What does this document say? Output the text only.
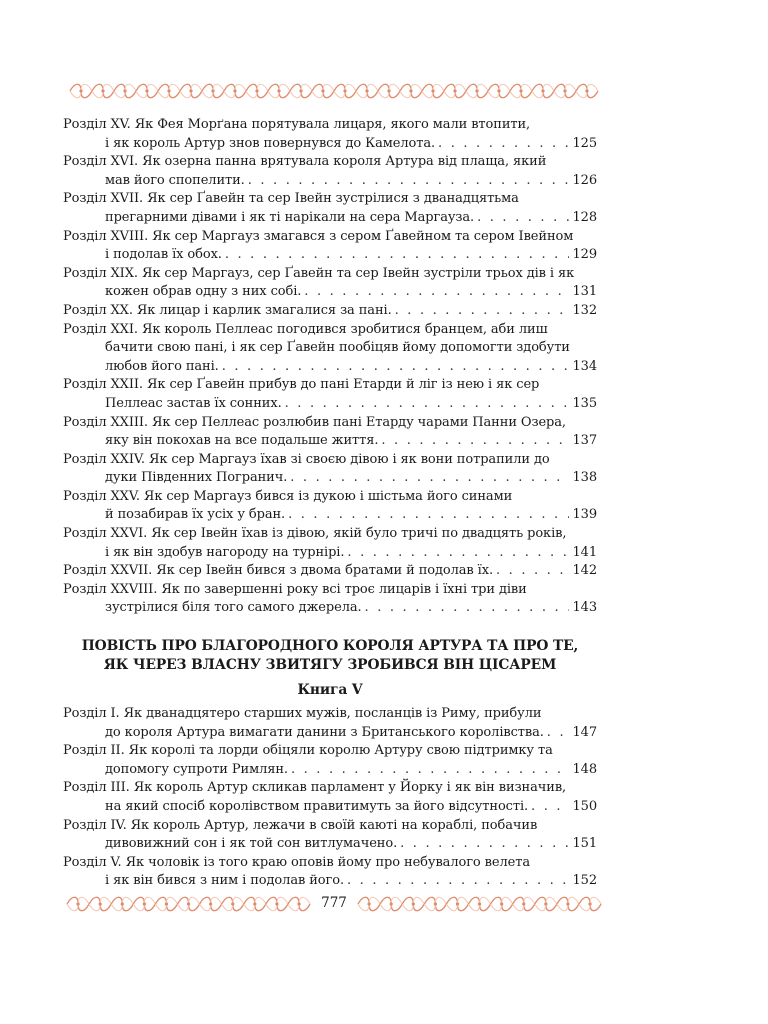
Розділ XV. Як Фея Морґана порятувала лицаря, якого мали втопити,
і як король Артур знов повернувся до Камелота. . . .	125
Розділ XVI. Як озерна панна врятувала короля Артура від плаща, який
мав його спопелити. . . .	126
Розділ XVII. Як сер Ґавейн та сер Івейн зустрілися з дванадцятьма
прегарними дівами і як ті нарікали на сера Маргауза. . . .	128
Розділ XVIII. Як сер Маргауз змагався з сером Ґавейном та сером Івейном
і подолав їх обох. . . .	129
Розділ XIX. Як сер Маргауз, сер Ґавейн та сер Івейн зустріли трьох дів і як
кожен обрав одну з них собі. . . .	131
Розділ XX. Як лицар і карлик змагалися за пані. . . .	132
Розділ XXI. Як король Пеллеас погодився зробитися бранцем, аби лиш
бачити свою пані, і як сер Ґавейн пообіцяв йому допомогти здобути
любов його пані. . . .	134
Розділ XXII. Як сер Ґавейн прибув до пані Етарди й ліг із нею і як сер
Пеллеас застав їх сонних. . . .	135
Розділ XXIII. Як сер Пеллеас розлюбив пані Етарду чарами Панни Озера,
яку він покохав на все подальше життя. . . .	137
Розділ XXIV. Як сер Маргауз їхав зі своєю дівою і як вони потрапили до
дуки Південних Погранич. . . .	138
Розділ XXV. Як сер Маргауз бився із дукою і шістьма його синами
й позабирав їх усіх у бран. . . .	139
Розділ XXVI. Як сер Івейн їхав із дівою, якій було тричі по двадцять років,
і як він здобув нагороду на турнірі. . . .	141
Розділ XXVII. Як сер Івейн бився з двома братами й подолав їх. . . .	142
Розділ XXVIII. Як по завершенні року всі троє лицарів і їхні три діви
зустрілися біля того самого джерела. . . .	143
ПОВІСТЬ ПРО БЛАГОРОДНОГО КОРОЛЯ АРТУРА ТА ПРО ТЕ,
ЯК ЧЕРЕЗ ВЛАСНУ ЗВИТЯГУ ЗРОБИВСЯ ВІН ЦІСАРЕМ
Книга V
Розділ I. Як дванадцятеро старших мужів, посланців із Риму, прибули
до короля Артура вимагати данини з Британського королівства. . . . 147
Розділ II. Як королі та лорди обіцяли королю Артуру свою підтримку та
допомогу супроти Римлян. . . .	148
Розділ III. Як король Артур скликав парламент у Йорку і як він визначив,
на який спосіб королівством правитимуть за його відсутності. . . .	150
Розділ IV. Як король Артур, лежачи в своїй каюті на кораблі, побачив
дивовижний сон і як той сон витлумачено. . . .	151
Розділ V. Як чоловік із того краю оповів йому про небувалого велета
і як він бився з ним і подолав його. . . .	152
777
